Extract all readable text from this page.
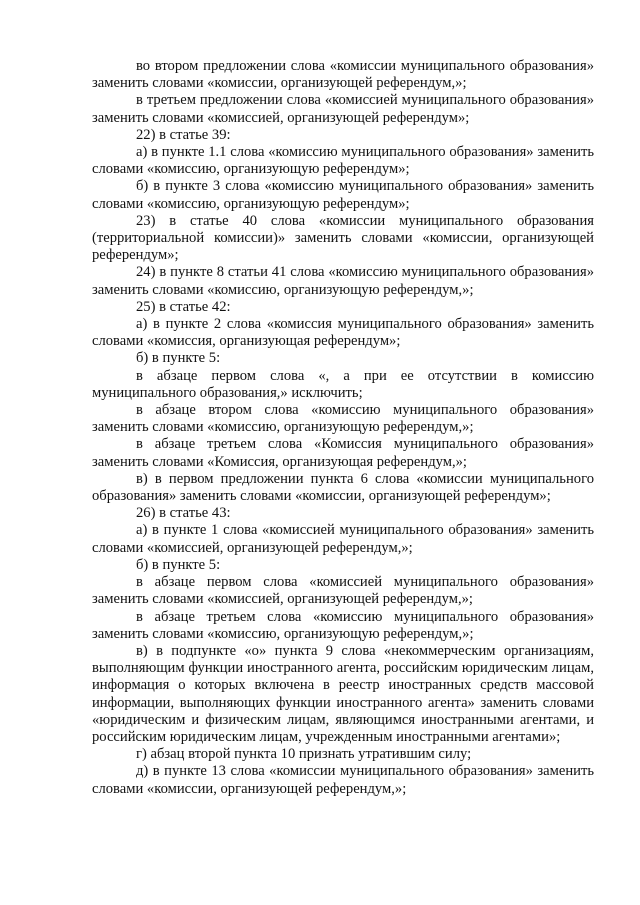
во втором предложении слова «комиссии муниципального образования» заменить словами «комиссии, организующей референдум,»;

в третьем предложении слова «комиссией муниципального образования» заменить словами «комиссией, организующей референдум»;

22) в статье 39:

а) в пункте 1.1 слова «комиссию муниципального образования» заменить словами «комиссию, организующую референдум»;

б) в пункте 3 слова «комиссию муниципального образования» заменить словами «комиссию, организующую референдум»;

23) в статье 40 слова «комиссии муниципального образования (территориальной комиссии)» заменить словами «комиссии, организующей референдум»;

24) в пункте 8 статьи 41 слова «комиссию муниципального образования» заменить словами «комиссию, организующую референдум,»;

25) в статье 42:

а) в пункте 2 слова «комиссия муниципального образования» заменить словами «комиссия, организующая референдум»;

б) в пункте 5:

в абзаце первом слова «, а при ее отсутствии в комиссию муниципального образования,» исключить;

в абзаце втором слова «комиссию муниципального образования» заменить словами «комиссию, организующую референдум,»;

в абзаце третьем слова «Комиссия муниципального образования» заменить словами «Комиссия, организующая референдум,»;

в) в первом предложении пункта 6 слова «комиссии муниципального образования» заменить словами «комиссии, организующей референдум»;

26) в статье 43:

а) в пункте 1 слова «комиссией муниципального образования» заменить словами «комиссией, организующей референдум,»;

б) в пункте 5:

в абзаце первом слова «комиссией муниципального образования» заменить словами «комиссией, организующей референдум,»;

в абзаце третьем слова «комиссию муниципального образования» заменить словами «комиссию, организующую референдум,»;

в) в подпункте «о» пункта 9 слова «некоммерческим организациям, выполняющим функции иностранного агента, российским юридическим лицам, информация о которых включена в реестр иностранных средств массовой информации, выполняющих функции иностранного агента» заменить словами «юридическим и физическим лицам, являющимся иностранными агентами, и российским юридическим лицам, учрежденным иностранными агентами»;

г) абзац второй пункта 10 признать утратившим силу;

д) в пункте 13 слова «комиссии муниципального образования» заменить словами «комиссии, организующей референдум,»;
